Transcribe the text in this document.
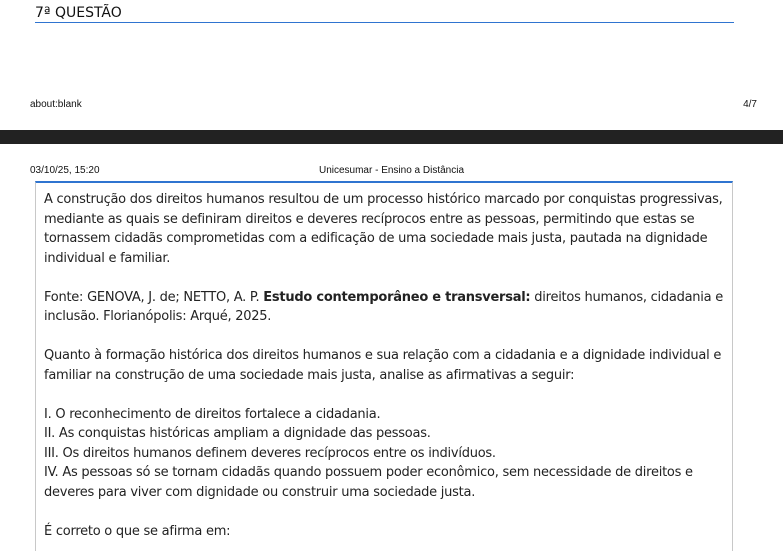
7ª QUESTÃO
about:blank	4/7
03/10/25, 15:20	Unicesumar - Ensino a Distância

A construção dos direitos humanos resultou de um processo histórico marcado por conquistas progressivas, mediante as quais se definiram direitos e deveres recíprocos entre as pessoas, permitindo que estas se tornassem cidadãs comprometidas com a edificação de uma sociedade mais justa, pautada na dignidade individual e familiar.

Fonte: GENOVA, J. de; NETTO, A. P. Estudo contemporâneo e transversal: direitos humanos, cidadania e inclusão. Florianópolis: Arqué, 2025.

Quanto à formação histórica dos direitos humanos e sua relação com a cidadania e a dignidade individual e familiar na construção de uma sociedade mais justa, analise as afirmativas a seguir:

I. O reconhecimento de direitos fortalece a cidadania.

II. As conquistas históricas ampliam a dignidade das pessoas.

III. Os direitos humanos definem deveres recíprocos entre os indivíduos.

IV. As pessoas só se tornam cidadãs quando possuem poder econômico, sem necessidade de direitos e deveres para viver com dignidade ou construir uma sociedade justa.

É correto o que se afirma em:
